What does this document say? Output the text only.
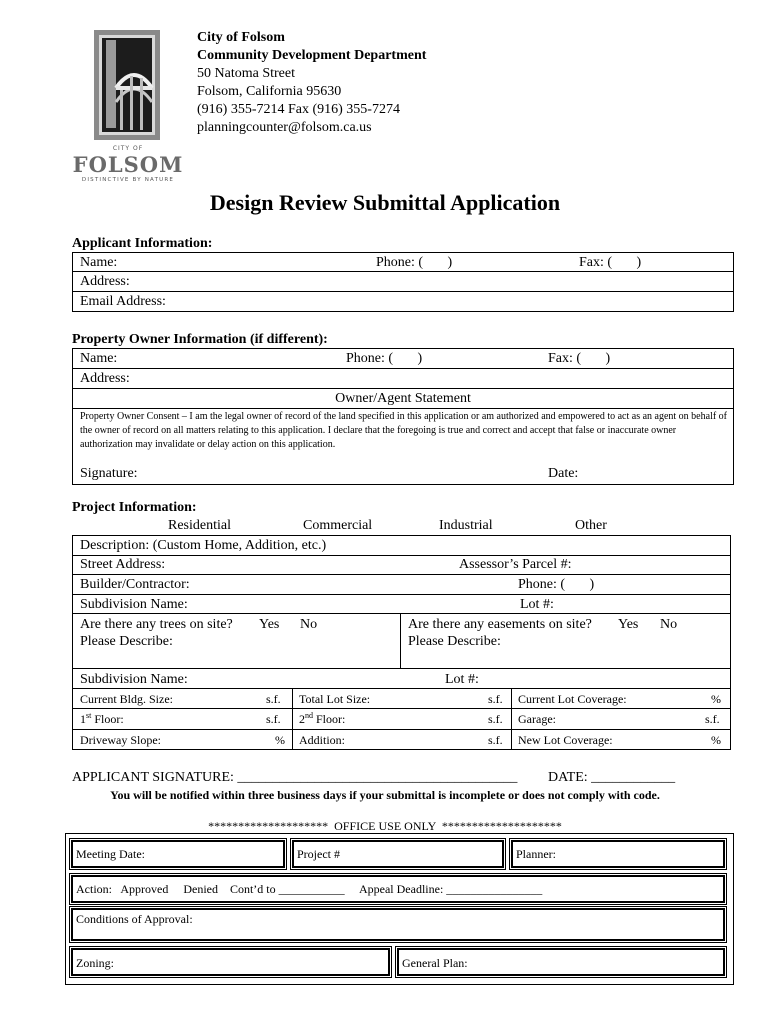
CITY OF
FOLSOM
DISTINCTIVE BY NATURE
City of Folsom
Community Development Department
50 Natoma Street
Folsom, California 95630
(916) 355-7214 Fax (916) 355-7274
planningcounter@folsom.ca.us
Design Review Submittal Application
Applicant Information:
Name:	Phone: (       )	Fax: (       )
Address:
Email Address:
Property Owner Information (if different):
Name:	Phone: (       )	Fax: (       )
Address:
Owner/Agent Statement
Property Owner Consent – I am the legal owner of record of the land specified in this application or am authorized and empowered to act as an agent on behalf of the owner of record on all matters relating to this application. I declare that the foregoing is true and correct and accept that false or inaccurate owner authorization may invalidate or delay action on this application.
Signature:	Date:
Project Information:
Residential	Commercial	Industrial	Other
Description: (Custom Home, Addition, etc.)
Street Address:	Assessor’s Parcel #:
Builder/Contractor:	Phone: (       )
Subdivision Name:	Lot #:
Are there any trees on site? Yes No
Please Describe:
Are there any easements on site? Yes No
Please Describe:
Subdivision Name:	Lot #:
Current Bldg. Size:	s.f. Total Lot Size:	s.f. Current Lot Coverage:	%
1st Floor:	s.f. 2nd Floor:	s.f. Garage:	s.f.
Driveway Slope:	% Addition:	s.f. New Lot Coverage:	%
APPLICANT SIGNATURE: ________________________________________ DATE: ____________
You will be notified within three business days if your submittal is incomplete or does not comply with code.
********************  OFFICE USE ONLY  ********************
Meeting Date:	Project #	Planner:
Action:   Approved     Denied    Cont’d to ___________     Appeal Deadline: ________________
Conditions of Approval:
Zoning:	General Plan:
